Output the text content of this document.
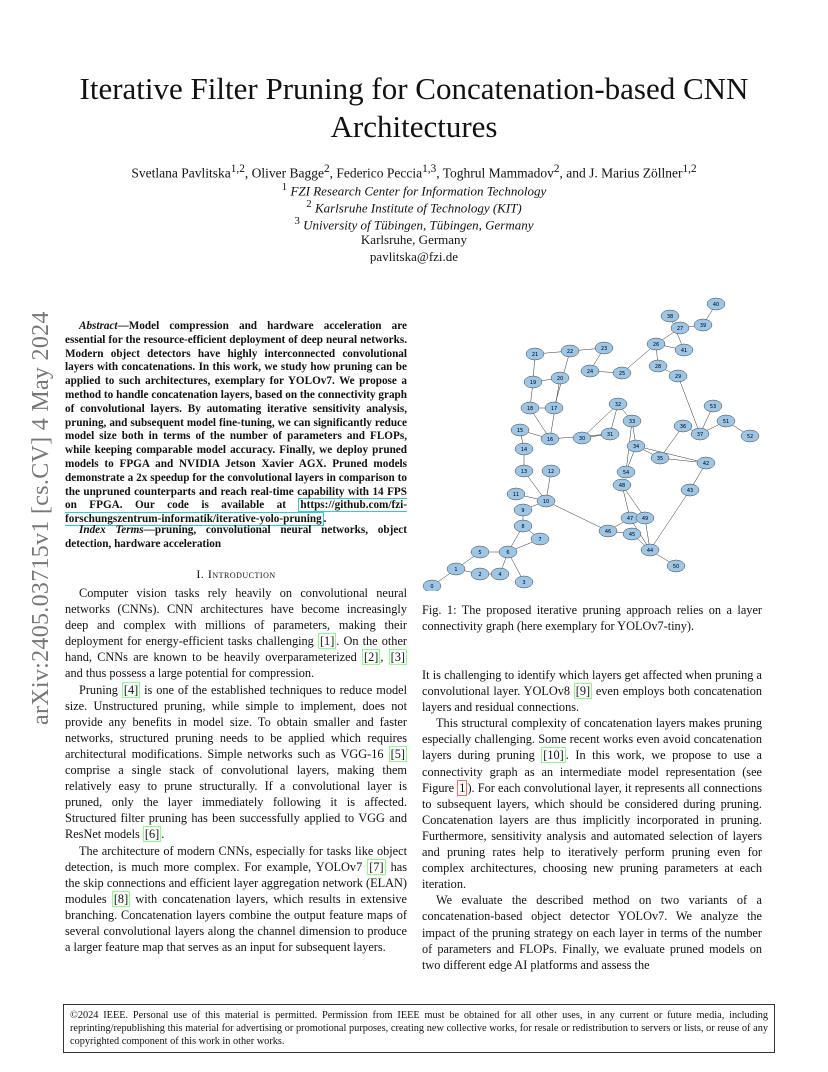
Iterative Filter Pruning for Concatenation-based CNN Architectures
Svetlana Pavlitska$^{1,2}$, Oliver Bagge$^2$, Federico Peccia$^{1,3}$, Toghrul Mammadov$^2$, and J. Marius Zöllner$^{1,2}$
$^1$ FZI Research Center for Information Technology
$^2$ Karlsruhe Institute of Technology (KIT)
$^3$ University of Tübingen, Tübingen, Germany
Karlsruhe, Germany
pavlitska@fzi.de
arXiv:2405.03715v1 [cs.CV] 4 May 2024	Abstract—Model compression and hardware acceleration are essential for the resource-efficient deployment of deep neural networks. Modern object detectors have highly interconnected convolutional layers with concatenations. In this work, we study how pruning can be applied to such architectures, exemplary for YOLOv7. We propose a method to handle concatenation layers, based on the connectivity graph of convolutional layers. By automating iterative sensitivity analysis, pruning, and subsequent model fine-tuning, we can significantly reduce model size both in terms of the number of parameters and FLOPs, while keeping comparable model accuracy. Finally, we deploy pruned models to FPGA and NVIDIA Jetson Xavier AGX. Pruned models demonstrate a 2x speedup for the convolutional layers in comparison to the unpruned counterparts and reach real-time capability with 14 FPS on FPGA. Our code is available at https://github.com/fzi-forschungszentrum-informatik/iterative-yolo-pruning .
Index Terms—pruning, convolutional neural networks, object detection, hardware acceleration
I. Introduction

Computer vision tasks rely heavily on convolutional neural networks (CNNs). CNN architectures have become increasingly deep and complex with millions of parameters, making their deployment for energy-efficient tasks challenging [1] . On the other hand, CNNs are known to be heavily overparameterized [2] , [3] and thus possess a large potential for compression.

Pruning [4] is one of the established techniques to reduce model size. Unstructured pruning, while simple to implement, does not provide any benefits in model size. To obtain smaller and faster networks, structured pruning needs to be applied which requires architectural modifications. Simple networks such as VGG-16 [5] comprise a single stack of convolutional layers, making them relatively easy to prune structurally. If a convolutional layer is pruned, only the layer immediately following it is affected. Structured filter pruning has been successfully applied to VGG and ResNet models [6] .

The architecture of modern CNNs, especially for tasks like object detection, is much more complex. For example, YOLOv7 [7] has the skip connections and efficient layer aggregation network (ELAN) modules [8] with concatenation layers, which results in extensive branching. Concatenation layers combine the output feature maps of several convolutional layers along the channel dimension to produce a larger feature map that serves as an input for subsequent layers.

0
1
2	4
3
5	6
7
8
9
11
10
13	12
14
15
16
18	17
19
20
21	22	23
24	25
26
27
28
29
30
31
32
33
34
35
36
37
38
39
40
41
42
43
44
45
46
47
48
49
50
51
52
53
54
Fig. 1: The proposed iterative pruning approach relies on a layer connectivity graph (here exemplary for YOLOv7-tiny).

It is challenging to identify which layers get affected when pruning a convolutional layer. YOLOv8 [9] even employs both concatenation layers and residual connections.

This structural complexity of concatenation layers makes pruning especially challenging. Some recent works even avoid concatenation layers during pruning [10] . In this work, we propose to use a connectivity graph as an intermediate model representation (see Figure 1 ). For each convolutional layer, it represents all connections to subsequent layers, which should be considered during pruning. Concatenation layers are thus implicitly incorporated in pruning. Furthermore, sensitivity analysis and automated selection of layers and pruning rates help to iteratively perform pruning even for complex architectures, choosing new pruning parameters at each iteration.

We evaluate the described method on two variants of a concatenation-based object detector YOLOv7. We analyze the impact of the pruning strategy on each layer in terms of the number of parameters and FLOPs. Finally, we evaluate pruned models on two different edge AI platforms and assess the

©2024 IEEE. Personal use of this material is permitted. Permission from IEEE must be obtained for all other uses, in any current or future media, including reprinting/republishing this material for advertising or promotional purposes, creating new collective works, for resale or redistribution to servers or lists, or reuse of any copyrighted component of this work in other works.
